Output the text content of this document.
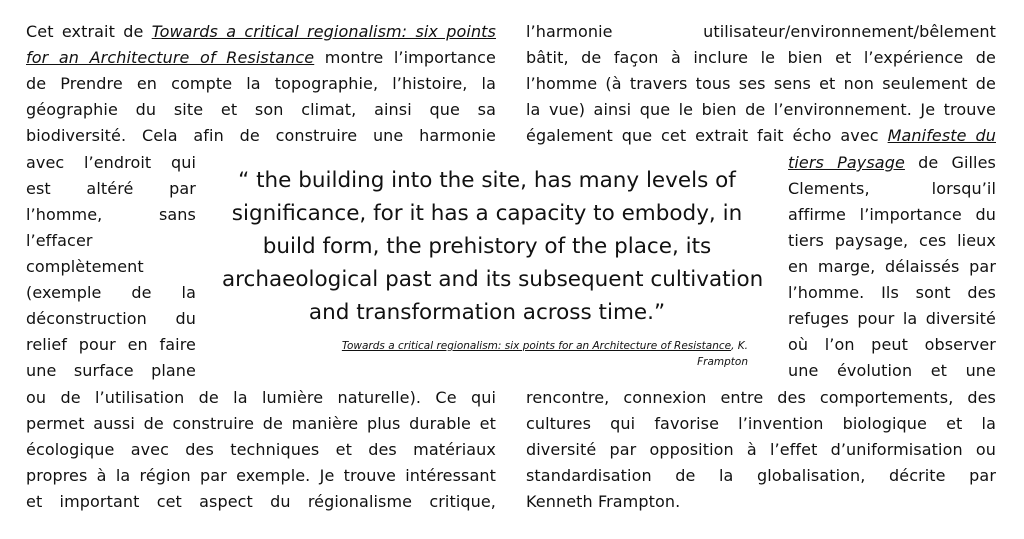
Cet extrait de Towards a critical regionalism: six points
for an Architecture of Resistance montre l’importance
de Prendre en compte la topographie, l’histoire, la
géographie du site et son climat, ainsi que sa
biodiversité. Cela afin de construire une harmonie
avec l’endroit qui
est altéré par
l’homme, sans
l’effacer
complètement
(exemple de la
déconstruction du
relief pour en faire
une surface plane
ou de l’utilisation de la lumière naturelle). Ce qui
permet aussi de construire de manière plus durable et
écologique avec des techniques et des matériaux
propres à la région par exemple. Je trouve intéressant
et important cet aspect du régionalisme critique,
l’harmonie utilisateur/environnement/bêlement
bâtit, de façon à inclure le bien et l’expérience de
l’homme (à travers tous ses sens et non seulement de
la vue) ainsi que le bien de l’environnement. Je trouve
également que cet extrait fait écho avec Manifeste du
tiers Paysage de Gilles
Clements, lorsqu’il
affirme l’importance du
tiers paysage, ces lieux
en marge, délaissés par
l’homme. Ils sont des
refuges pour la diversité
où l’on peut observer
une évolution et une
rencontre, connexion entre des comportements, des
cultures qui favorise l’invention biologique et la
diversité par opposition à l’effet d’uniformisation ou
standardisation de la globalisation, décrite par
Kenneth Frampton.
“ the building into the site, has many levels of
significance, for it has a capacity to embody, in
build form, the prehistory of the place, its
archaeological past and its subsequent cultivation
and transformation across time.”
Towards a critical regionalism: six points for an Architecture of Resistance, K.
Frampton
